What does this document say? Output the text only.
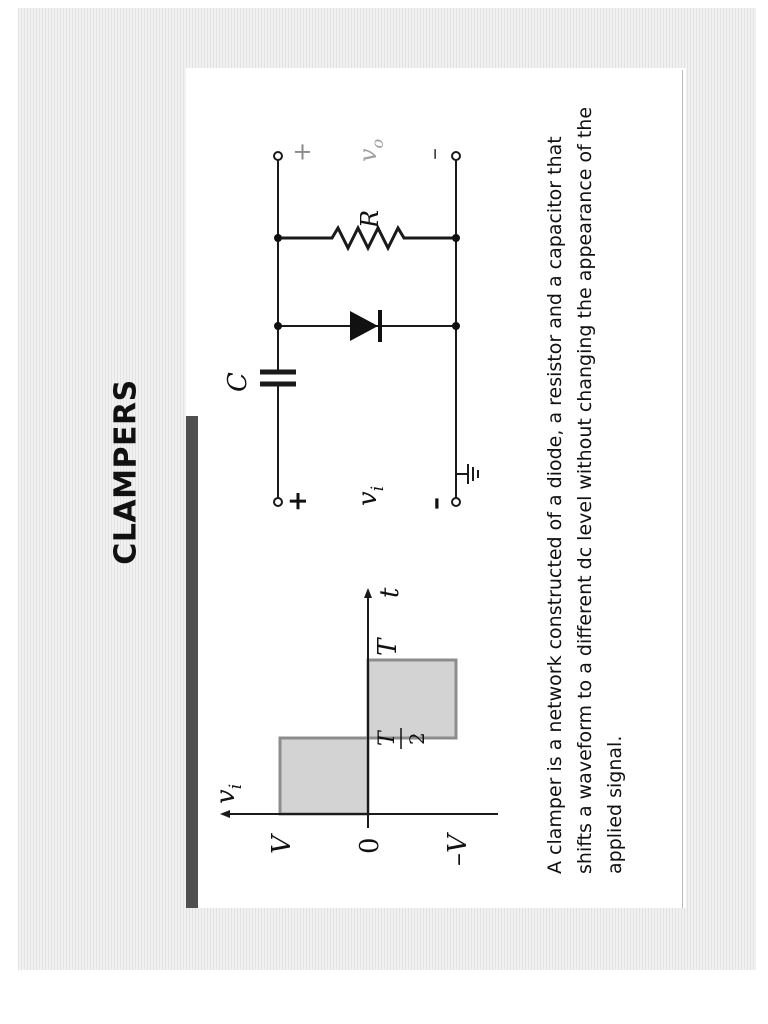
CLAMPERS
$v_i$
t
V 0 –V
T 2
T
C
R
+	–
$v_i$
+	–
$v_o$	A clamper is a network constructed of a diode, a resistor and a capacitor that shifts a waveform to a different dc level without changing the appearance of the applied signal.
